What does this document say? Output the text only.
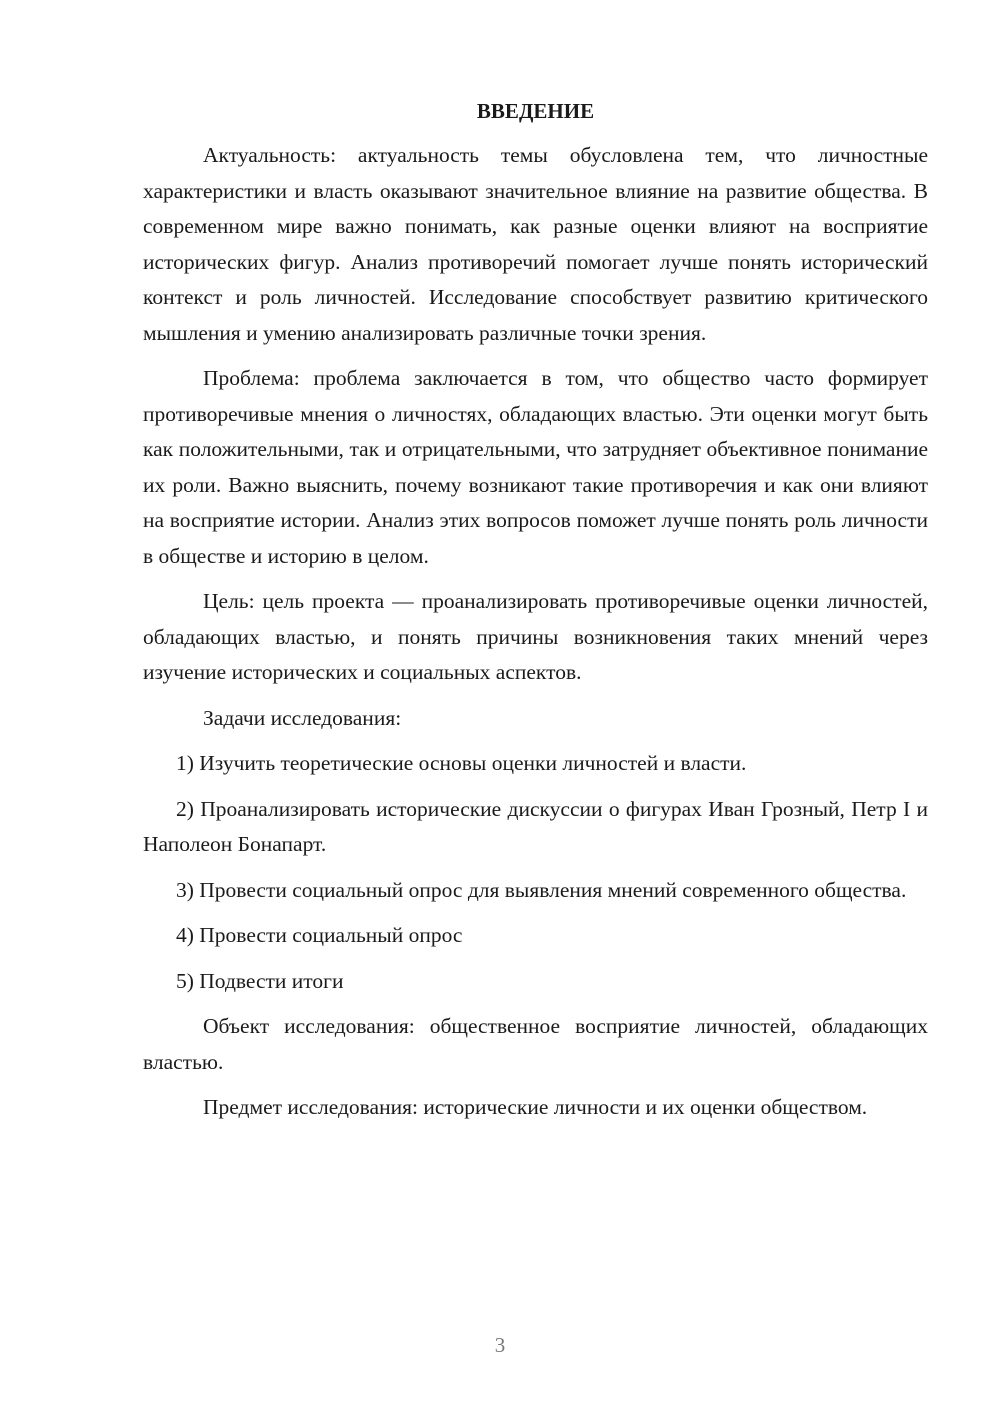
ВВЕДЕНИЕ

Актуальность: актуальность темы обусловлена тем, что личностные характеристики и власть оказывают значительное влияние на развитие общества. В современном мире важно понимать, как разные оценки влияют на восприятие исторических фигур. Анализ противоречий помогает лучше понять исторический контекст и роль личностей. Исследование способствует развитию критического мышления и умению анализировать различные точки зрения.

Проблема: проблема заключается в том, что общество часто формирует противоречивые мнения о личностях, обладающих властью. Эти оценки могут быть как положительными, так и отрицательными, что затрудняет объективное понимание их роли. Важно выяснить, почему возникают такие противоречия и как они влияют на восприятие истории. Анализ этих вопросов поможет лучше понять роль личности в обществе и историю в целом.

Цель: цель проекта — проанализировать противоречивые оценки личностей, обладающих властью, и понять причины возникновения таких мнений через изучение исторических и социальных аспектов.

Задачи исследования:

1) Изучить теоретические основы оценки личностей и власти.

2) Проанализировать исторические дискуссии о фигурах Иван Грозный, Петр I и Наполеон Бонапарт.

3) Провести социальный опрос для выявления мнений современного общества.

4) Провести социальный опрос

5) Подвести итоги

Объект исследования: общественное восприятие личностей, обладающих властью.

Предмет исследования: исторические личности и их оценки обществом.

3
